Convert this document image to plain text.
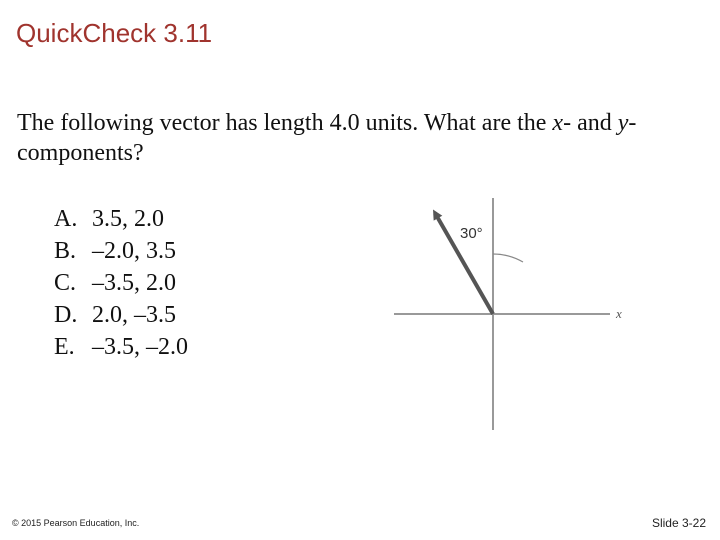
QuickCheck 3.11
The following vector has length 4.0 units. What are the x- and y-components?
A. 3.5, 2.0
B. –2.0, 3.5
C. –3.5, 2.0
D. 2.0, –3.5
E. –3.5, –2.0
30°
x
© 2015 Pearson Education, Inc.	Slide 3-22
